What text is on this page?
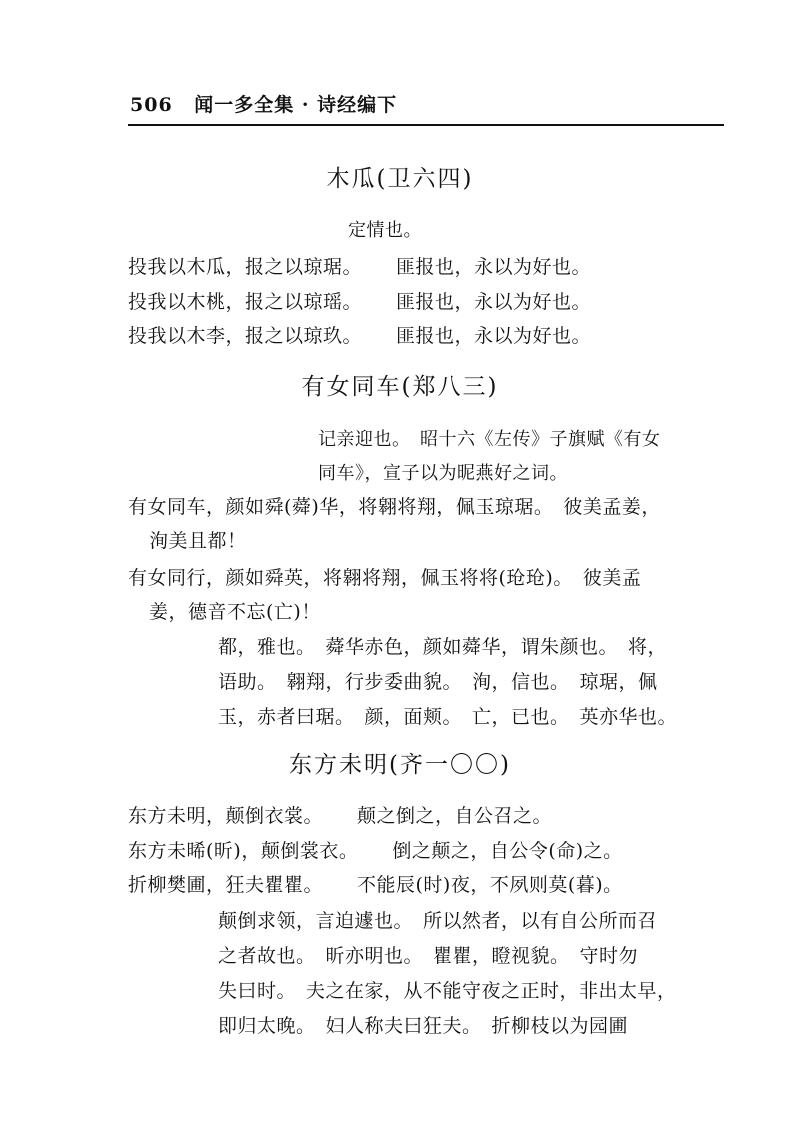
506 闻一多全集 · 诗经编下
木瓜(卫六四)
定情也。
投我以木瓜，报之以琼琚。 匪报也，永以为好也。
投我以木桃，报之以琼瑶。 匪报也，永以为好也。
投我以木李，报之以琼玖。 匪报也，永以为好也。
有女同车(郑八三)
记亲迎也。　昭十六《左传》子旗赋《有女
同车》，宣子以为昵燕好之词。
有女同车，颜如舜(蕣)华，将翱将翔，佩玉琼琚。　彼美孟姜，
洵美且都！
有女同行，颜如舜英，将翱将翔，佩玉将将(玱玱)。　彼美孟
姜，德音不忘(亡)！
都，雅也。　蕣华赤色，颜如蕣华，谓朱颜也。　将，
语助。　翱翔，行步委曲貌。　洵，信也。　琼琚，佩
玉，赤者曰琚。　颜，面颊。　亡，已也。　英亦华也。
东方未明(齐一〇〇)
东方未明，颠倒衣裳。 颠之倒之，自公召之。
东方未晞(昕)，颠倒裳衣。 倒之颠之，自公令(命)之。
折柳樊圃，狂夫瞿瞿。 不能辰(时)夜，不夙则莫(暮)。
颠倒求领，言迫遽也。　所以然者，以有自公所而召
之者故也。　昕亦明也。　瞿瞿，瞪视貌。　守时勿
失曰时。　夫之在家，从不能守夜之正时，非出太早，
即归太晚。　妇人称夫曰狂夫。　折柳枝以为园圃
